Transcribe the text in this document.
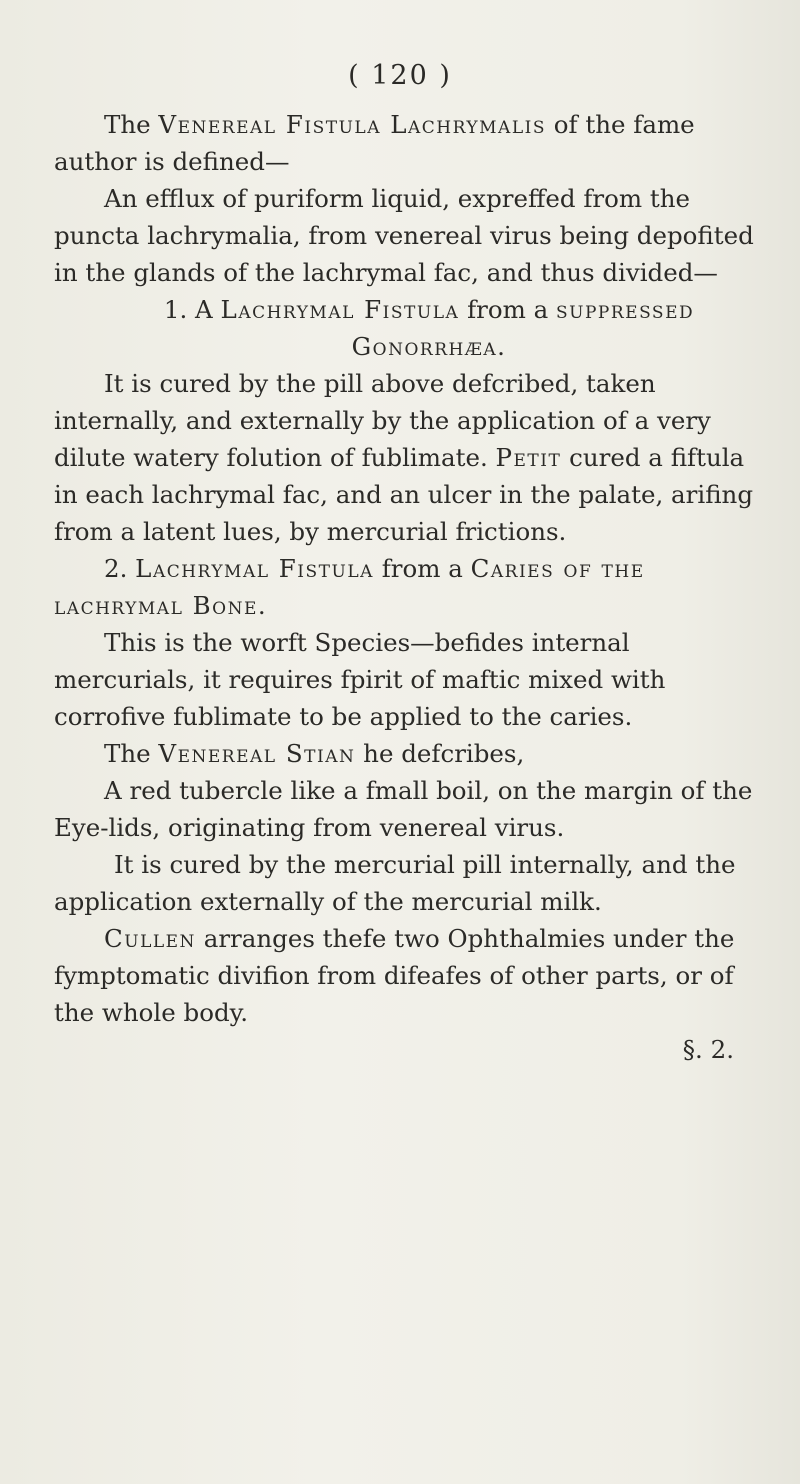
( 120 )

The Venereal Fistula Lachrymalis of the fame author is defined—

An efflux of puriform liquid, expreffed from the puncta lachrymalia, from venereal virus being depofited in the glands of the lachrymal fac, and thus divided—

1. A Lachrymal Fistula from a suppressed
Gonorrhæa.

It is cured by the pill above defcribed, taken internally, and externally by the application of a very dilute watery folution of fublimate. Petit cured a fiftula in each lachrymal fac, and an ulcer in the palate, arifing from a latent lues, by mercurial frictions.

2. Lachrymal Fistula from a Caries of the lachrymal Bone.

This is the worft Species—befides internal mercurials, it requires fpirit of maftic mixed with corrofive fublimate to be applied to the caries.

The Venereal Stian he defcribes,

A red tubercle like a fmall boil, on the margin of the Eye-lids, originating from venereal virus.

It is cured by the mercurial pill internally, and the application externally of the mercurial milk.

Cullen arranges thefe two Ophthalmies under the fymptomatic divifion from difeafes of other parts, or of the whole body.

§. 2.
